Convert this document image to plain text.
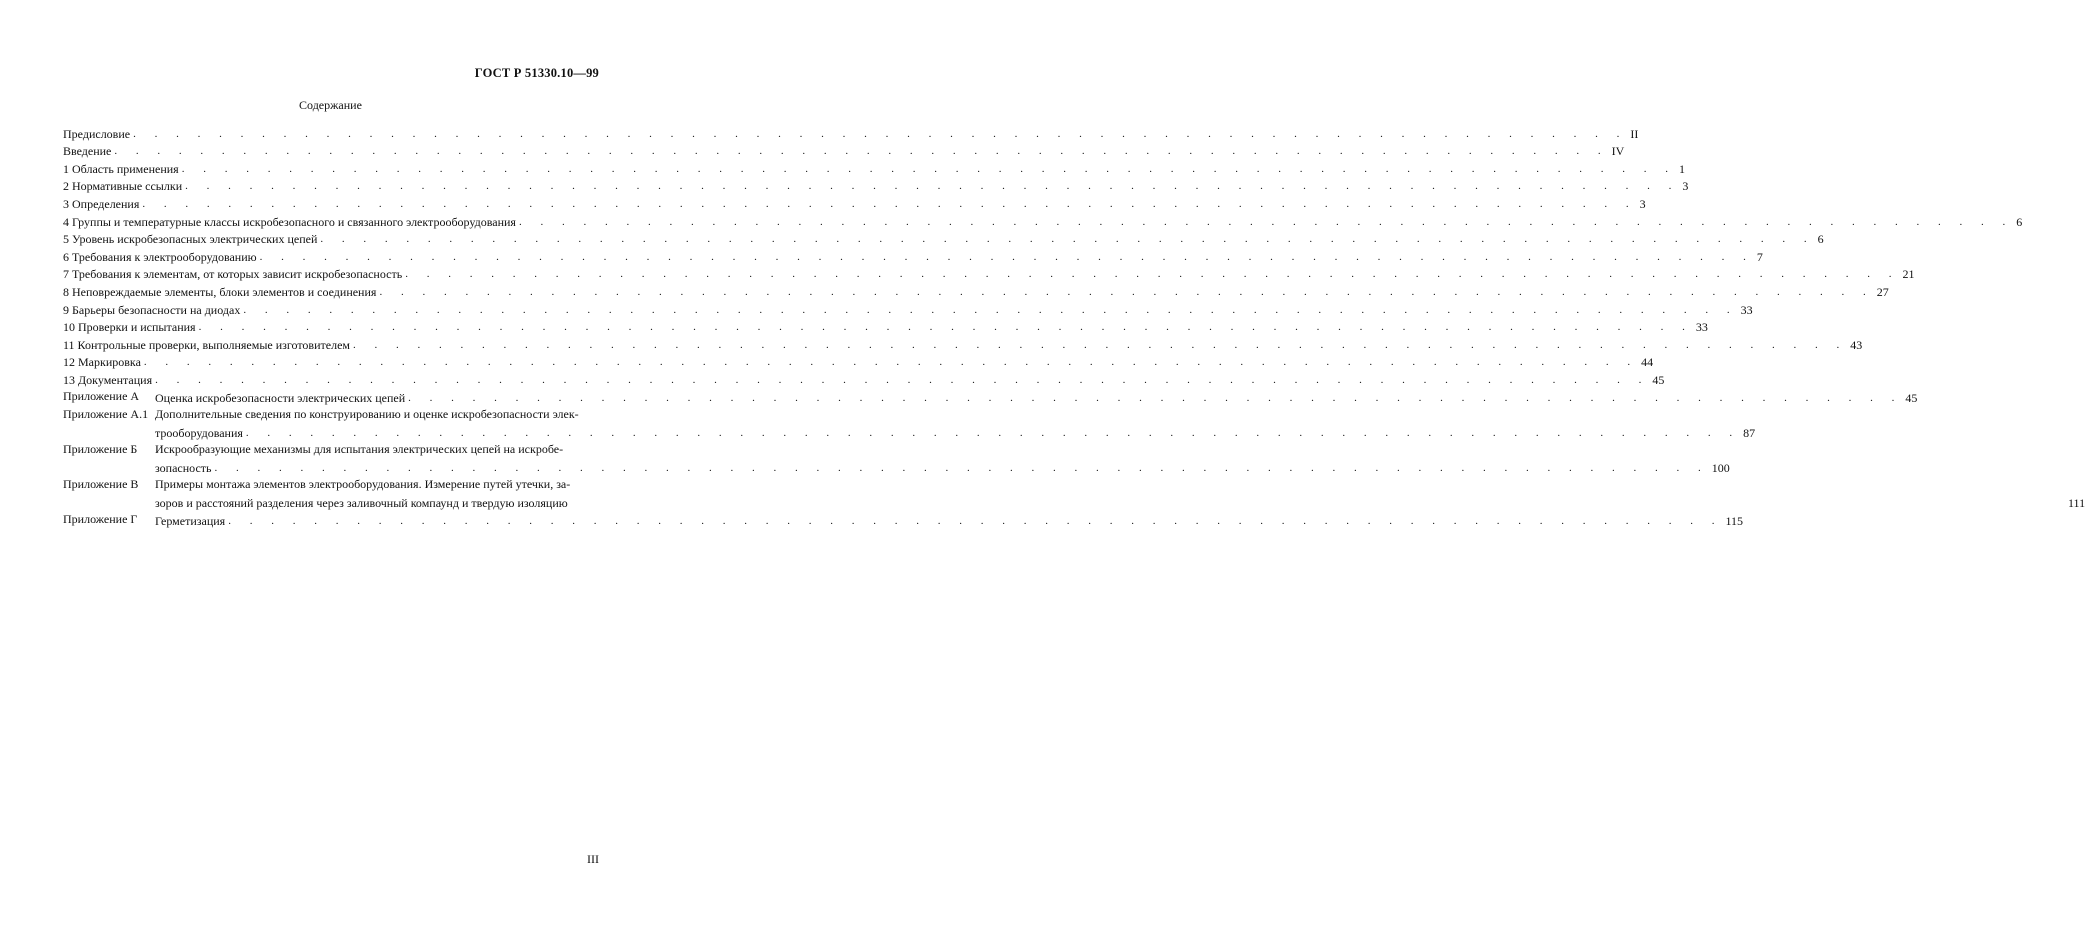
ГОСТ Р 51330.10—99
Содержание
Предисловие . . .	II
Введение . . .	IV
1 Область применения . . .	1
2 Нормативные ссылки . . .	3
3 Определения . . .	3
4 Группы и температурные классы искробезопасного и связанного электрооборудования . . .	6
5 Уровень искробезопасных электрических цепей . . .	6
6 Требования к электрооборудованию . . .	7
7 Требования к элементам, от которых зависит искробезопасность . . .	21
8 Неповреждаемые элементы, блоки элементов и соединения . . .	27
9 Барьеры безопасности на диодах . . .	33
10 Проверки и испытания . . .	33
11 Контрольные проверки, выполняемые изготовителем . . .	43
12 Маркировка . . .	44
13 Документация . . .	45
Приложение А	Оценка искробезопасности электрических цепей . . .	45
Приложение А.1 Дополнительные сведения по конструированию и оценке искробезопасности элек-
трооборудования . . .	87
Приложение Б	Искрообразующие механизмы для испытания электрических цепей на искробе-
зопасность . . .	100
Приложение В	Примеры монтажа элементов электрооборудования. Измерение путей утечки, за-
зоров и расстояний разделения через заливочный компаунд и твердую изоляцию	111
Приложение Г	Герметизация . . .	115
III
